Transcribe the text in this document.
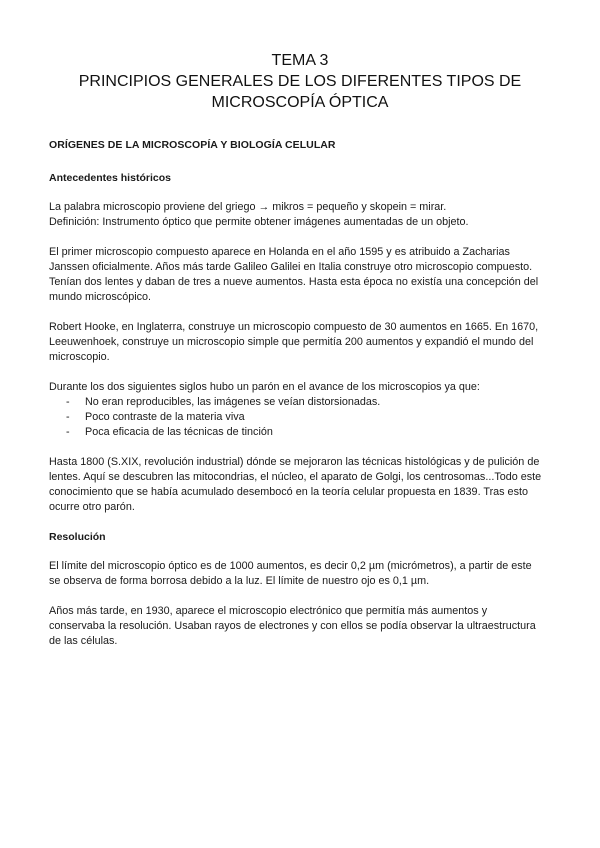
TEMA 3
PRINCIPIOS GENERALES DE LOS DIFERENTES TIPOS DE
MICROSCOPÍA ÓPTICA
ORÍGENES DE LA MICROSCOPÍA Y BIOLOGÍA CELULAR
Antecedentes históricos

La palabra microscopio proviene del griego → mikros = pequeño y skopein = mirar.
Definición: Instrumento óptico que permite obtener imágenes aumentadas de un objeto.

El primer microscopio compuesto aparece en Holanda en el año 1595 y es atribuido a Zacharias
Janssen oficialmente. Años más tarde Galileo Galilei en Italia construye otro microscopio compuesto.
Tenían dos lentes y daban de tres a nueve aumentos. Hasta esta época no existía una concepción del
mundo microscópico.

Robert Hooke, en Inglaterra, construye un microscopio compuesto de 30 aumentos en 1665. En 1670,
Leeuwenhoek, construye un microscopio simple que permitía 200 aumentos y expandió el mundo del
microscopio.

Durante los dos siguientes siglos hubo un parón en el avance de los microscopios ya que:

- No eran reproducibles, las imágenes se veían distorsionadas.
- Poco contraste de la materia viva
- Poca eficacia de las técnicas de tinción

Hasta 1800 (S.XIX, revolución industrial) dónde se mejoraron las técnicas histológicas y de pulición de
lentes. Aquí se descubren las mitocondrias, el núcleo, el aparato de Golgi, los centrosomas...Todo este
conocimiento que se había acumulado desembocó en la teoría celular propuesta en 1839. Tras esto
ocurre otro parón.

Resolución

El límite del microscopio óptico es de 1000 aumentos, es decir 0,2 µm (micrómetros), a partir de este
se observa de forma borrosa debido a la luz. El límite de nuestro ojo es 0,1 µm.

Años más tarde, en 1930, aparece el microscopio electrónico que permitía más aumentos y
conservaba la resolución. Usaban rayos de electrones y con ellos se podía observar la ultraestructura
de las células.
